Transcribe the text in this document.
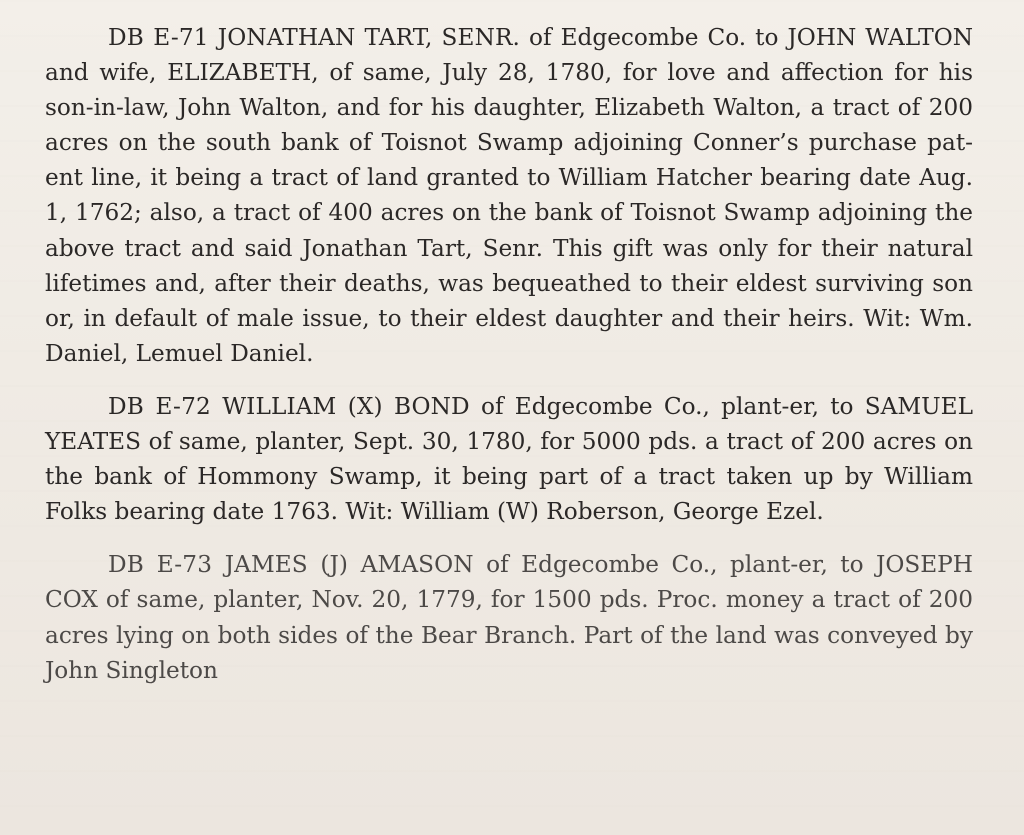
DB E-71 JONATHAN TART, SENR. of Edgecombe Co. to JOHN WALTON and wife, ELIZABETH, of same, July 28, 1780, for love and affection for his son-in-law, John Walton, and for his daughter, Elizabeth Walton, a tract of 200 acres on the south bank of Toisnot Swamp adjoining Conner’s purchase pat-ent line, it being a tract of land granted to William Hatcher bearing date Aug. 1, 1762; also, a tract of 400 acres on the bank of Toisnot Swamp adjoining the above tract and said Jonathan Tart, Senr. This gift was only for their natural lifetimes and, after their deaths, was bequeathed to their eldest surviving son or, in default of male issue, to their eldest daughter and their heirs. Wit: Wm. Daniel, Lemuel Daniel.

DB E-72 WILLIAM (X) BOND of Edgecombe Co., plant-er, to SAMUEL YEATES of same, planter, Sept. 30, 1780, for 5000 pds. a tract of 200 acres on the bank of Hommony Swamp, it being part of a tract taken up by William Folks bearing date 1763. Wit: William (W) Roberson, George Ezel.

DB E-73 JAMES (J) AMASON of Edgecombe Co., plant-er, to JOSEPH COX of same, planter, Nov. 20, 1779, for 1500 pds. Proc. money a tract of 200 acres lying on both sides of the Bear Branch. Part of the land was conveyed by John Singleton
